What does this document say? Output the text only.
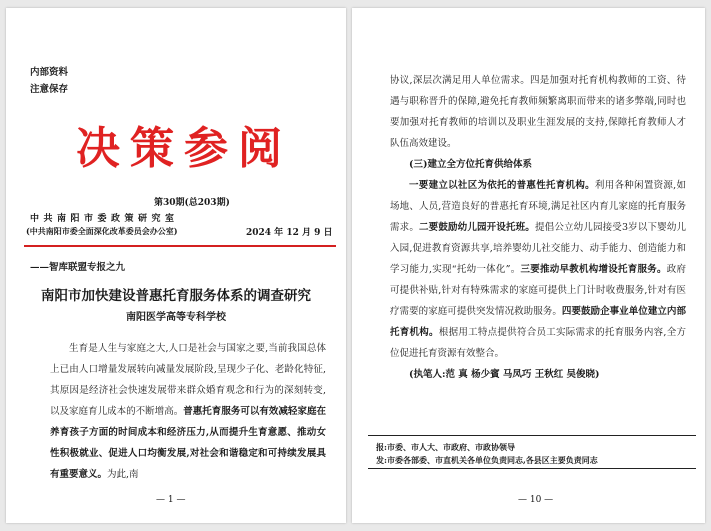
内部资料
注意保存
决策参阅
第30期(总203期)
中共南阳市委政策研究室
(中共南阳市委全面深化改革委员会办公室)	2024 年 12 月 9 日
——智库联盟专报之九
南阳市加快建设普惠托育服务体系的调查研究
南阳医学高等专科学校

生育是人生与家庭之大,人口是社会与国家之要,当前我国总体上已由人口增量发展转向减量发展阶段,呈现少子化、老龄化特征,其原因是经济社会快速发展带来群众婚育观念和行为的深刻转变,以及家庭育儿成本的不断增高。普惠托育服务可以有效减轻家庭在养育孩子方面的时间成本和经济压力,从而提升生育意愿、推动女性积极就业、促进人口均衡发展,对社会和谐稳定和可持续发展具有重要意义。为此,南

— 1 —

协议,深层次满足用人单位需求。四是加强对托育机构教师的工资、待遇与职称晋升的保障,避免托育教师频繁离职而带来的诸多弊端,同时也要加强对托育教师的培训以及职业生涯发展的支持,保障托育教师人才队伍高效建设。

(三)建立全方位托育供给体系

一要建立以社区为依托的普惠性托育机构。利用各种闲置资源,如场地、人员,营造良好的普惠托育环境,满足社区内育儿家庭的托育服务需求。二要鼓励幼儿园开设托班。提倡公立幼儿园接受3岁以下婴幼儿入园,促进教育资源共享,培养婴幼儿社交能力、动手能力、创造能力和学习能力,实现“托幼一体化”。三要推动早教机构增设托育服务。政府可提供补贴,针对有特殊需求的家庭可提供上门计时收费服务,针对有医疗需要的家庭可提供突发情况救助服务。四要鼓励企事业单位建立内部托育机构。根据用工特点提供符合员工实际需求的托育服务内容,全方位促进托育资源有效整合。

(执笔人:范 真 杨少賓 马凤巧 王秋红 吴俊晓)

报:市委、市人大、市政府、市政协领导
发:市委各部委、市直机关各单位负责同志,各县区主要负责同志
— 10 —
